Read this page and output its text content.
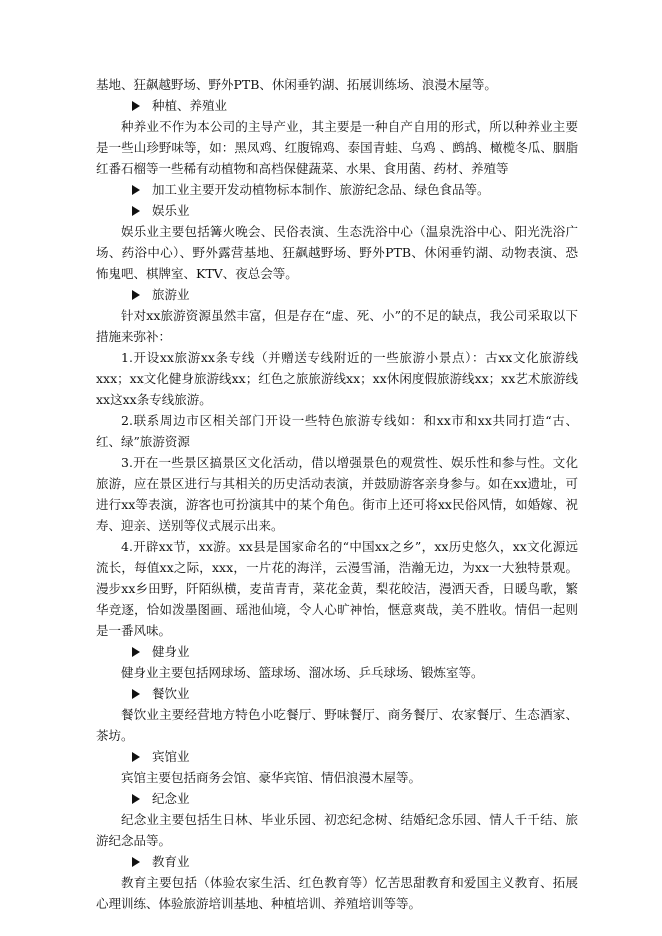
基地、狂飙越野场、野外PTB、休闲垂钓湖、拓展训练场、浪漫木屋等。

种植、养殖业

种养业不作为本公司的主导产业，其主要是一种自产自用的形式，所以种养业主要是一些山珍野味等，如：黑凤鸡、红腹锦鸡、泰国青蛙、乌鸡 、鹧鸪、橄榄冬瓜、胭脂红番石榴等一些稀有动植物和高档保健蔬菜、水果、食用菌、药材、养殖等

加工业主要开发动植物标本制作、旅游纪念品、绿色食品等。

娱乐业

娱乐业主要包括篝火晚会、民俗表演、生态洗浴中心（温泉洗浴中心、阳光洗浴广场、药浴中心）、野外露营基地、狂飙越野场、野外PTB、休闲垂钓湖、动物表演、恐怖鬼吧、棋牌室、KTV、夜总会等。

旅游业

针对xx旅游资源虽然丰富，但是存在“虚、死、小”的不足的缺点，我公司采取以下措施来弥补：

1.开设xx旅游xx条专线（并赠送专线附近的一些旅游小景点）：古xx文化旅游线xxx；xx文化健身旅游线xx；红色之旅旅游线xx；xx休闲度假旅游线xx；xx艺术旅游线xx这xx条专线旅游。

2.联系周边市区相关部门开设一些特色旅游专线如：和xx市和xx共同打造“古、红、绿”旅游资源

3.开在一些景区搞景区文化活动，借以增强景色的观赏性、娱乐性和参与性。文化旅游，应在景区进行与其相关的历史活动表演，并鼓励游客亲身参与。如在xx遗址，可进行xx等表演，游客也可扮演其中的某个角色。街市上还可将xx民俗风情，如婚嫁、祝寿、迎亲、送别等仪式展示出来。

4.开辟xx节，xx游。xx县是国家命名的“中国xx之乡”，xx历史悠久，xx文化源远流长，每值xx之际，xxx，一片花的海洋，云漫雪涌，浩瀚无边，为xx一大独特景观。漫步xx乡田野，阡陌纵横，麦苗青青，菜花金黄，梨花皎洁，漫洒天香，日暖鸟歌，繁华竞逐，恰如泼墨图画、瑶池仙境，令人心旷神怡，惬意爽哉，美不胜收。情侣一起则是一番风味。

健身业

健身业主要包括网球场、篮球场、溜冰场、乒乓球场、锻炼室等。

餐饮业

餐饮业主要经营地方特色小吃餐厅、野味餐厅、商务餐厅、农家餐厅、生态酒家、茶坊。

宾馆业

宾馆主要包括商务会馆、豪华宾馆、情侣浪漫木屋等。

纪念业

纪念业主要包括生日林、毕业乐园、初恋纪念树、结婚纪念乐园、情人千千结、旅游纪念品等。

教育业

教育主要包括（体验农家生活、红色教育等）忆苦思甜教育和爱国主义教育、拓展心理训练、体验旅游培训基地、种植培训、养殖培训等等。
